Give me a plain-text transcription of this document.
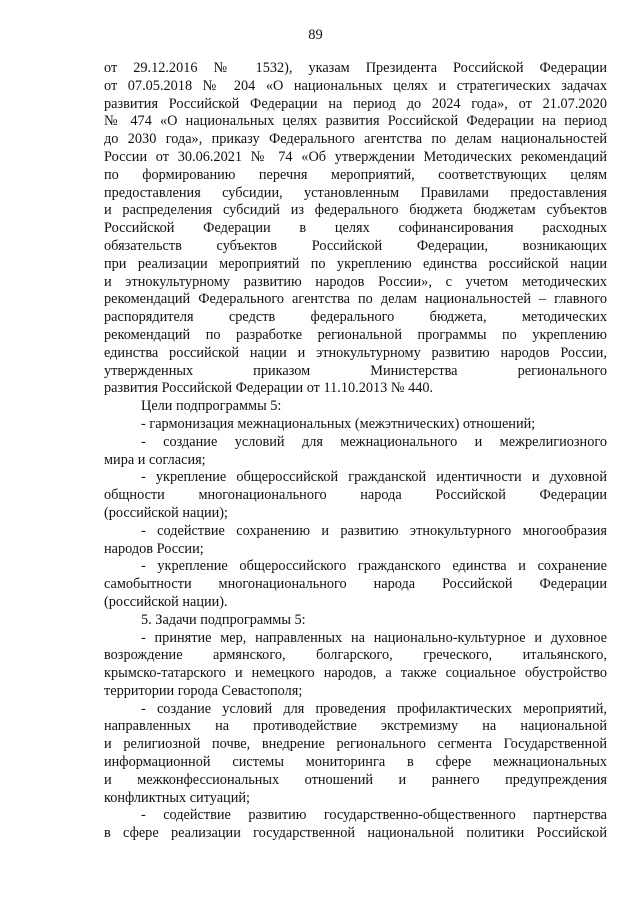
89
от 29.12.2016 № 1532), указам Президента Российской Федерации
от 07.05.2018 № 204 «О национальных целях и стратегических задачах
развития Российской Федерации на период до 2024 года», от 21.07.2020
№ 474 «О национальных целях развития Российской Федерации на период
до 2030 года», приказу Федерального агентства по делам национальностей
России от 30.06.2021 № 74 «Об утверждении Методических рекомендаций
по формированию перечня мероприятий, соответствующих целям
предоставления субсидии, установленным Правилами предоставления
и распределения субсидий из федерального бюджета бюджетам субъектов
Российской Федерации в целях софинансирования расходных
обязательств субъектов Российской Федерации, возникающих
при реализации мероприятий по укреплению единства российской нации
и этнокультурному развитию народов России», с учетом методических
рекомендаций Федерального агентства по делам национальностей – главного
распорядителя средств федерального бюджета, методических
рекомендаций по разработке региональной программы по укреплению
единства российской нации и этнокультурному развитию народов России,
утвержденных приказом Министерства регионального
развития Российской Федерации от 11.10.2013 № 440.
Цели подпрограммы 5:
- гармонизация межнациональных (межэтнических) отношений;
- создание условий для межнационального и межрелигиозного
мира и согласия;
- укрепление общероссийской гражданской идентичности и духовной
общности многонационального народа Российской Федерации
(российской нации);
- содействие сохранению и развитию этнокультурного многообразия
народов России;
- укрепление общероссийского гражданского единства и сохранение
самобытности многонационального народа Российской Федерации
(российской нации).
5. Задачи подпрограммы 5:
- принятие мер, направленных на национально-культурное и духовное
возрождение армянского, болгарского, греческого, итальянского,
крымско-татарского и немецкого народов, а также социальное обустройство
территории города Севастополя;
- создание условий для проведения профилактических мероприятий,
направленных на противодействие экстремизму на национальной
и религиозной почве, внедрение регионального сегмента Государственной
информационной системы мониторинга в сфере межнациональных
и межконфессиональных отношений и раннего предупреждения
конфликтных ситуаций;
- содействие развитию государственно-общественного партнерства
в сфере реализации государственной национальной политики Российской
